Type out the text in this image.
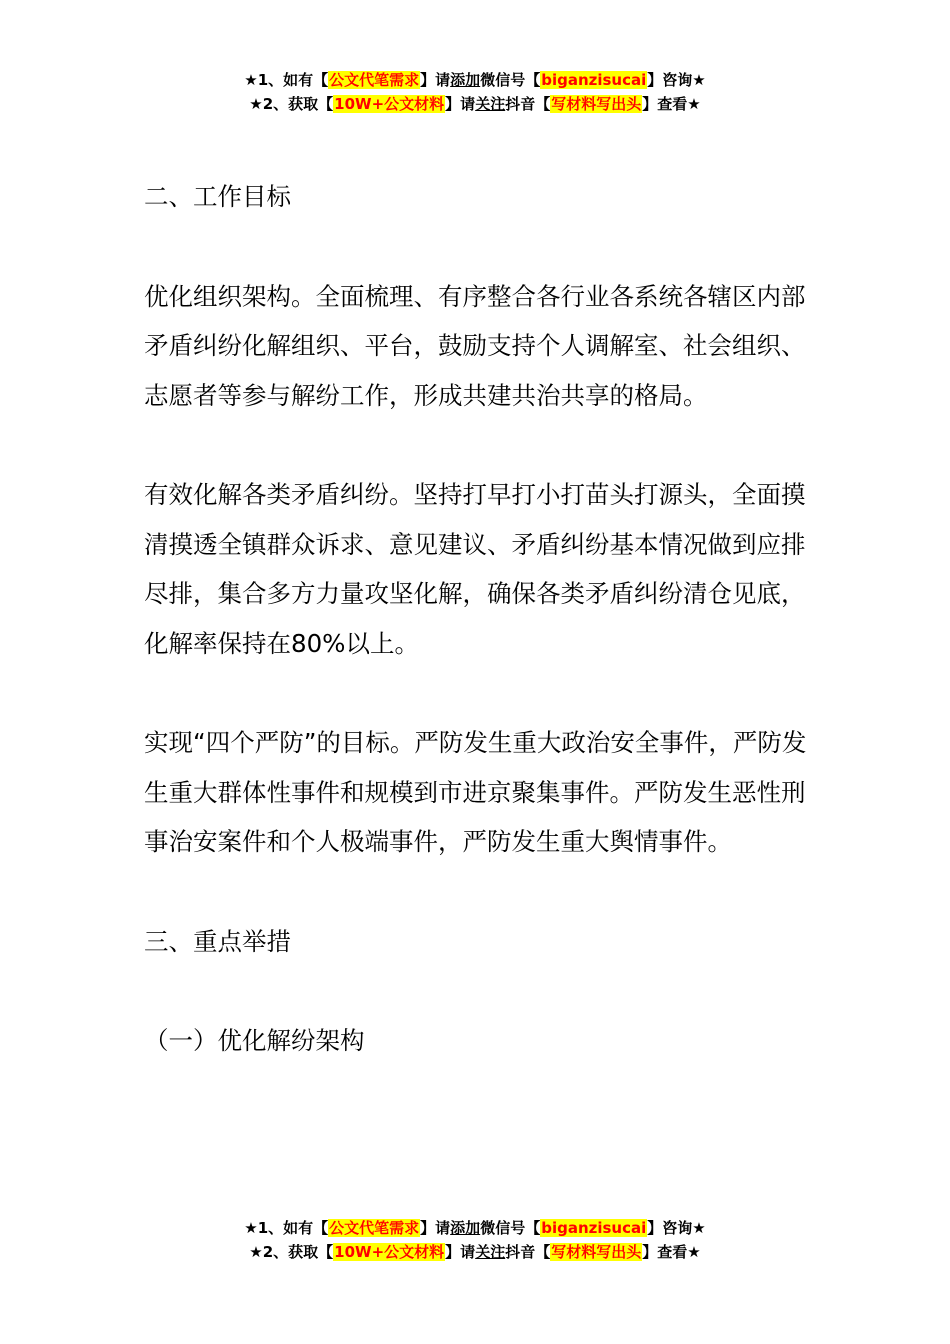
★1、如有【公文代笔需求】请添加微信号【biganzisucai】咨询★
★2、获取【10W+公文材料】请关注抖音【写材料写出头】查看★

二、工作目标

优化组织架构。全面梳理、有序整合各行业各系统各辖区内部矛盾纠纷化解组织、平台，鼓励支持个人调解室、社会组织、志愿者等参与解纷工作，形成共建共治共享的格局。

有效化解各类矛盾纠纷。坚持打早打小打苗头打源头，全面摸清摸透全镇群众诉求、意见建议、矛盾纠纷基本情况做到应排尽排，集合多方力量攻坚化解，确保各类矛盾纠纷清仓见底，化解率保持在80%以上。

实现“四个严防”的目标。严防发生重大政治安全事件，严防发生重大群体性事件和规模到市进京聚集事件。严防发生恶性刑事治安案件和个人极端事件，严防发生重大舆情事件。

三、重点举措

（一）优化解纷架构

★1、如有【公文代笔需求】请添加微信号【biganzisucai】咨询★
★2、获取【10W+公文材料】请关注抖音【写材料写出头】查看★
